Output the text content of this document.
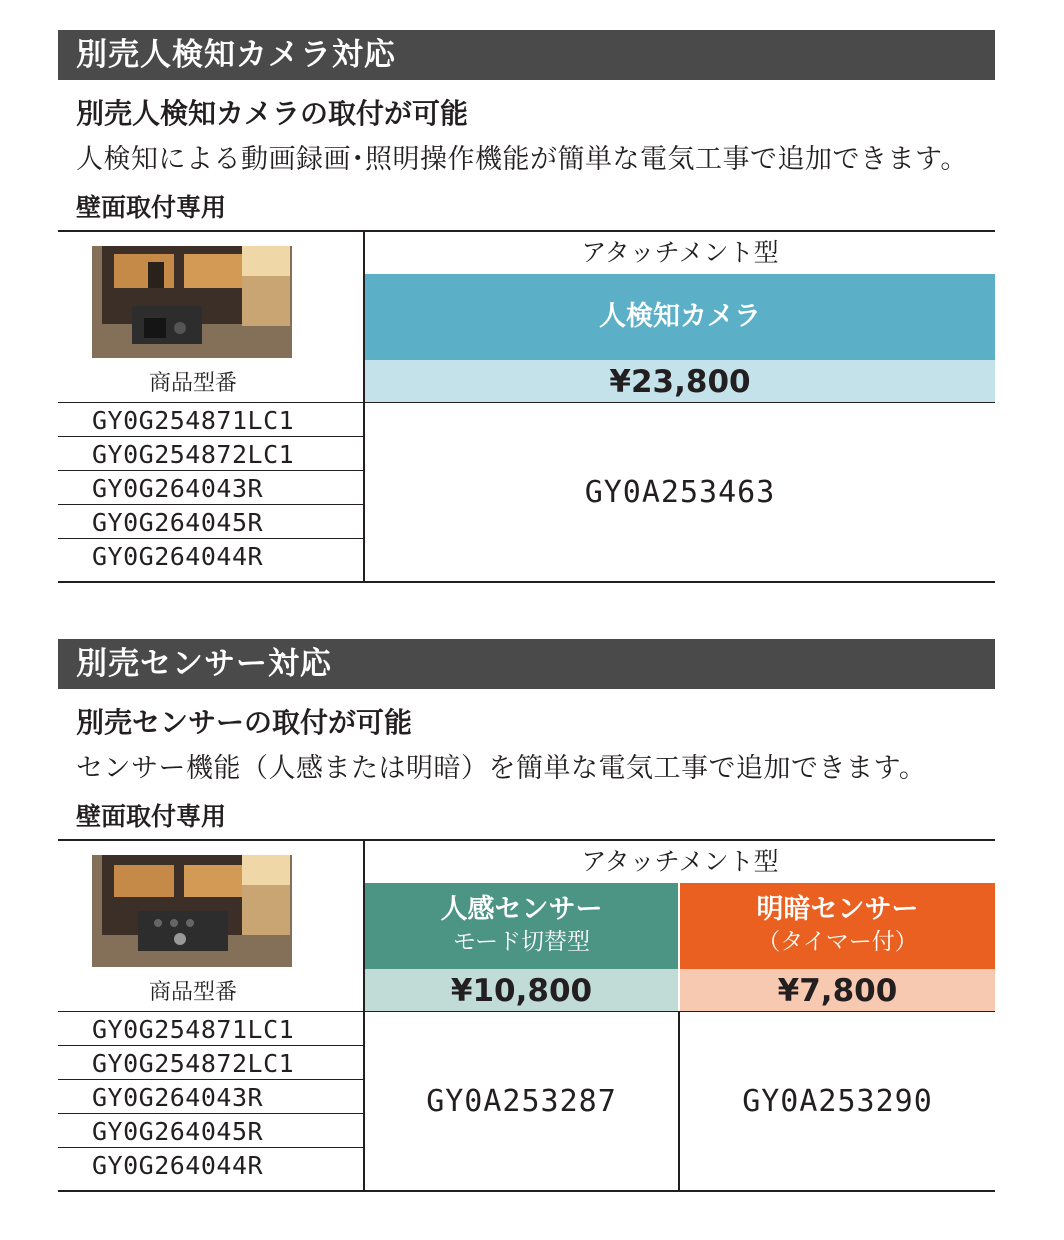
別売人検知カメラ対応
別売人検知カメラの取付が可能
人検知による動画録画･照明操作機能が簡単な電気工事で追加できます。
壁面取付専用
商品型番
GY0G254871LC1
GY0G254872LC1
GY0G264043R
GY0G264045R
GY0G264044R
アタッチメント型
人検知カメラ
¥23,800
GY0A253463
別売センサー対応
別売センサーの取付が可能
センサー機能（人感または明暗）を簡単な電気工事で追加できます。
壁面取付専用
商品型番
GY0G254871LC1
GY0G254872LC1
GY0G264043R
GY0G264045R
GY0G264044R
アタッチメント型
人感センサー
モード切替型
明暗センサー
（タイマー付）
¥10,800	¥7,800
GY0A253287	GY0A253290
